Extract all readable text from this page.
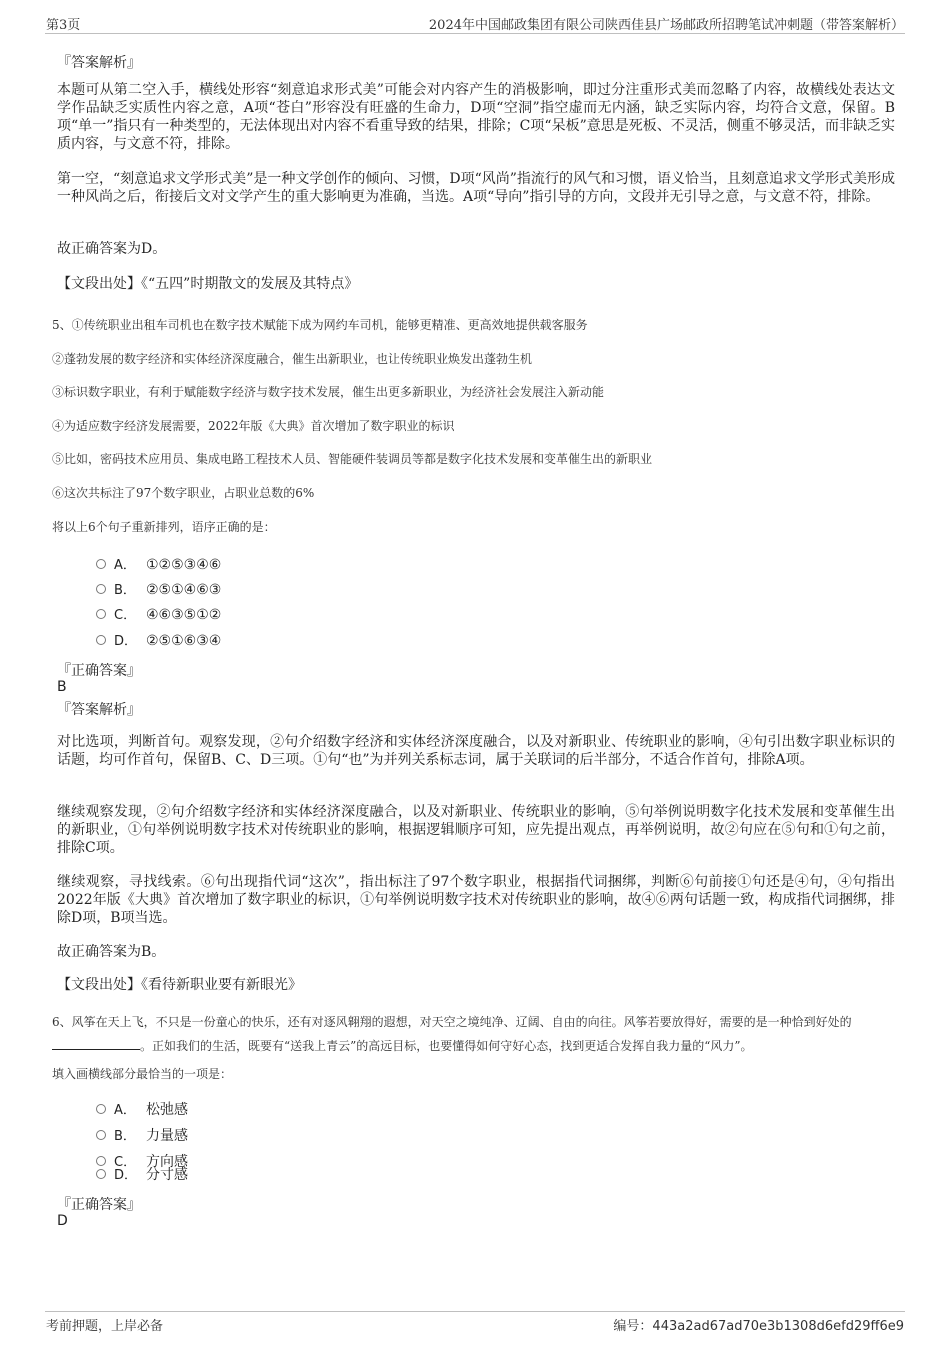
第3页	2024年中国邮政集团有限公司陕西佳县广场邮政所招聘笔试冲刺题（带答案解析）
『答案解析』
本题可从第二空入手，横线处形容“刻意追求形式美”可能会对内容产生的消极影响，即过分注重形式美而忽略了内容，故横线处表达文学作品缺乏实质性内容之意，A项“苍白”形容没有旺盛的生命力，D项“空洞”指空虚而无内涵，缺乏实际内容，均符合文意，保留。B项“单一”指只有一种类型的，无法体现出对内容不看重导致的结果，排除；C项“呆板”意思是死板、不灵活，侧重不够灵活，而非缺乏实质内容，与文意不符，排除。
第一空，“刻意追求文学形式美”是一种文学创作的倾向、习惯，D项“风尚”指流行的风气和习惯，语义恰当，且刻意追求文学形式美形成一种风尚之后，衔接后文对文学产生的重大影响更为准确，当选。A项“导向”指引导的方向，文段并无引导之意，与文意不符，排除。
故正确答案为D。
【文段出处】《“五四”时期散文的发展及其特点》
5、①传统职业出租车司机也在数字技术赋能下成为网约车司机，能够更精准、更高效地提供载客服务
②蓬勃发展的数字经济和实体经济深度融合，催生出新职业，也让传统职业焕发出蓬勃生机
③标识数字职业，有利于赋能数字经济与数字技术发展，催生出更多新职业，为经济社会发展注入新动能
④为适应数字经济发展需要，2022年版《大典》首次增加了数字职业的标识
⑤比如，密码技术应用员、集成电路工程技术人员、智能硬件装调员等都是数字化技术发展和变革催生出的新职业
⑥这次共标注了97个数字职业，占职业总数的6%
将以上6个句子重新排列，语序正确的是：
A． ①②⑤③④⑥
B． ②⑤①④⑥③
C． ④⑥③⑤①②
D． ②⑤①⑥③④
『正确答案』
B
『答案解析』
对比选项，判断首句。观察发现，②句介绍数字经济和实体经济深度融合，以及对新职业、传统职业的影响，④句引出数字职业标识的话题，均可作首句，保留B、C、D三项。①句“也”为并列关系标志词，属于关联词的后半部分，不适合作首句，排除A项。
继续观察发现，②句介绍数字经济和实体经济深度融合，以及对新职业、传统职业的影响，⑤句举例说明数字化技术发展和变革催生出的新职业，①句举例说明数字技术对传统职业的影响，根据逻辑顺序可知，应先提出观点，再举例说明，故②句应在⑤句和①句之前，排除C项。
继续观察，寻找线索。⑥句出现指代词“这次”，指出标注了97个数字职业，根据指代词捆绑，判断⑥句前接①句还是④句，④句指出2022年版《大典》首次增加了数字职业的标识，①句举例说明数字技术对传统职业的影响，故④⑥两句话题一致，构成指代词捆绑，排除D项，B项当选。
故正确答案为B。
【文段出处】《看待新职业要有新眼光》
6、风筝在天上飞，不只是一份童心的快乐，还有对逐风翱翔的遐想，对天空之境纯净、辽阔、自由的向往。风筝若要放得好，需要的是一种恰到好处的。正如我们的生活，既要有“送我上青云”的高远目标，也要懂得如何守好心态，找到更适合发挥自我力量的“风力”。
填入画横线部分最恰当的一项是：
A． 松弛感
B． 力量感
C． 方向感
D． 分寸感
『正确答案』
D
考前押题，上岸必备	编号：443a2ad67ad70e3b1308d6efd29ff6e9
